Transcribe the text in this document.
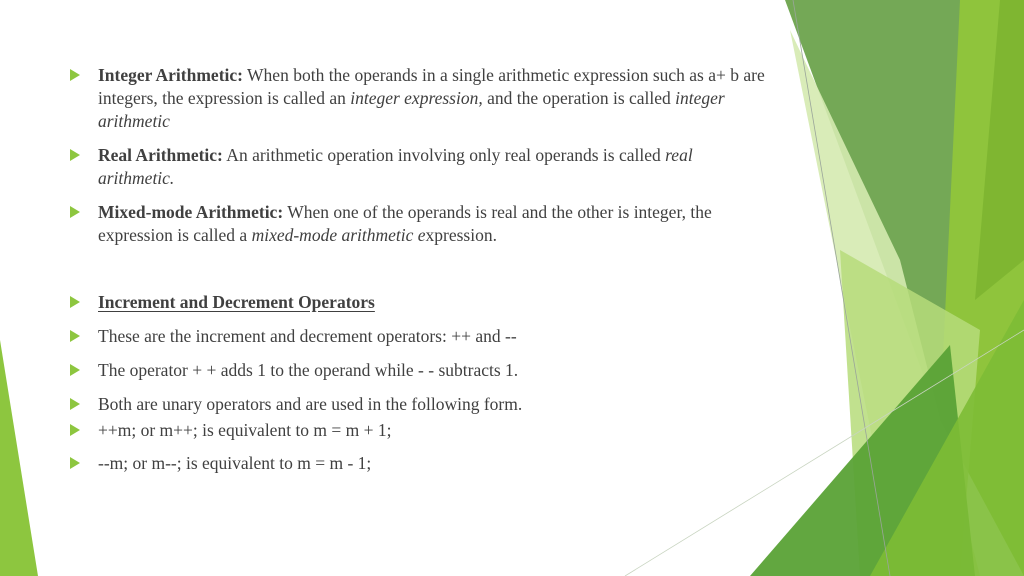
Integer Arithmetic: When both the operands in a single arithmetic expression such as a+ b are integers, the expression is called an integer expression, and the operation is called integer arithmetic
Real Arithmetic: An arithmetic operation involving only real operands is called real arithmetic.
Mixed-mode Arithmetic: When one of the operands is real and the other is integer, the expression is called a mixed-mode arithmetic expression.
Increment and Decrement Operators
These are the increment and decrement operators: ++ and --
The operator + + adds 1 to the operand while - - subtracts 1.
Both are unary operators and are used in the following form.
++m; or m++; is equivalent to m = m + 1;
--m; or m--; is equivalent to m = m - 1;
